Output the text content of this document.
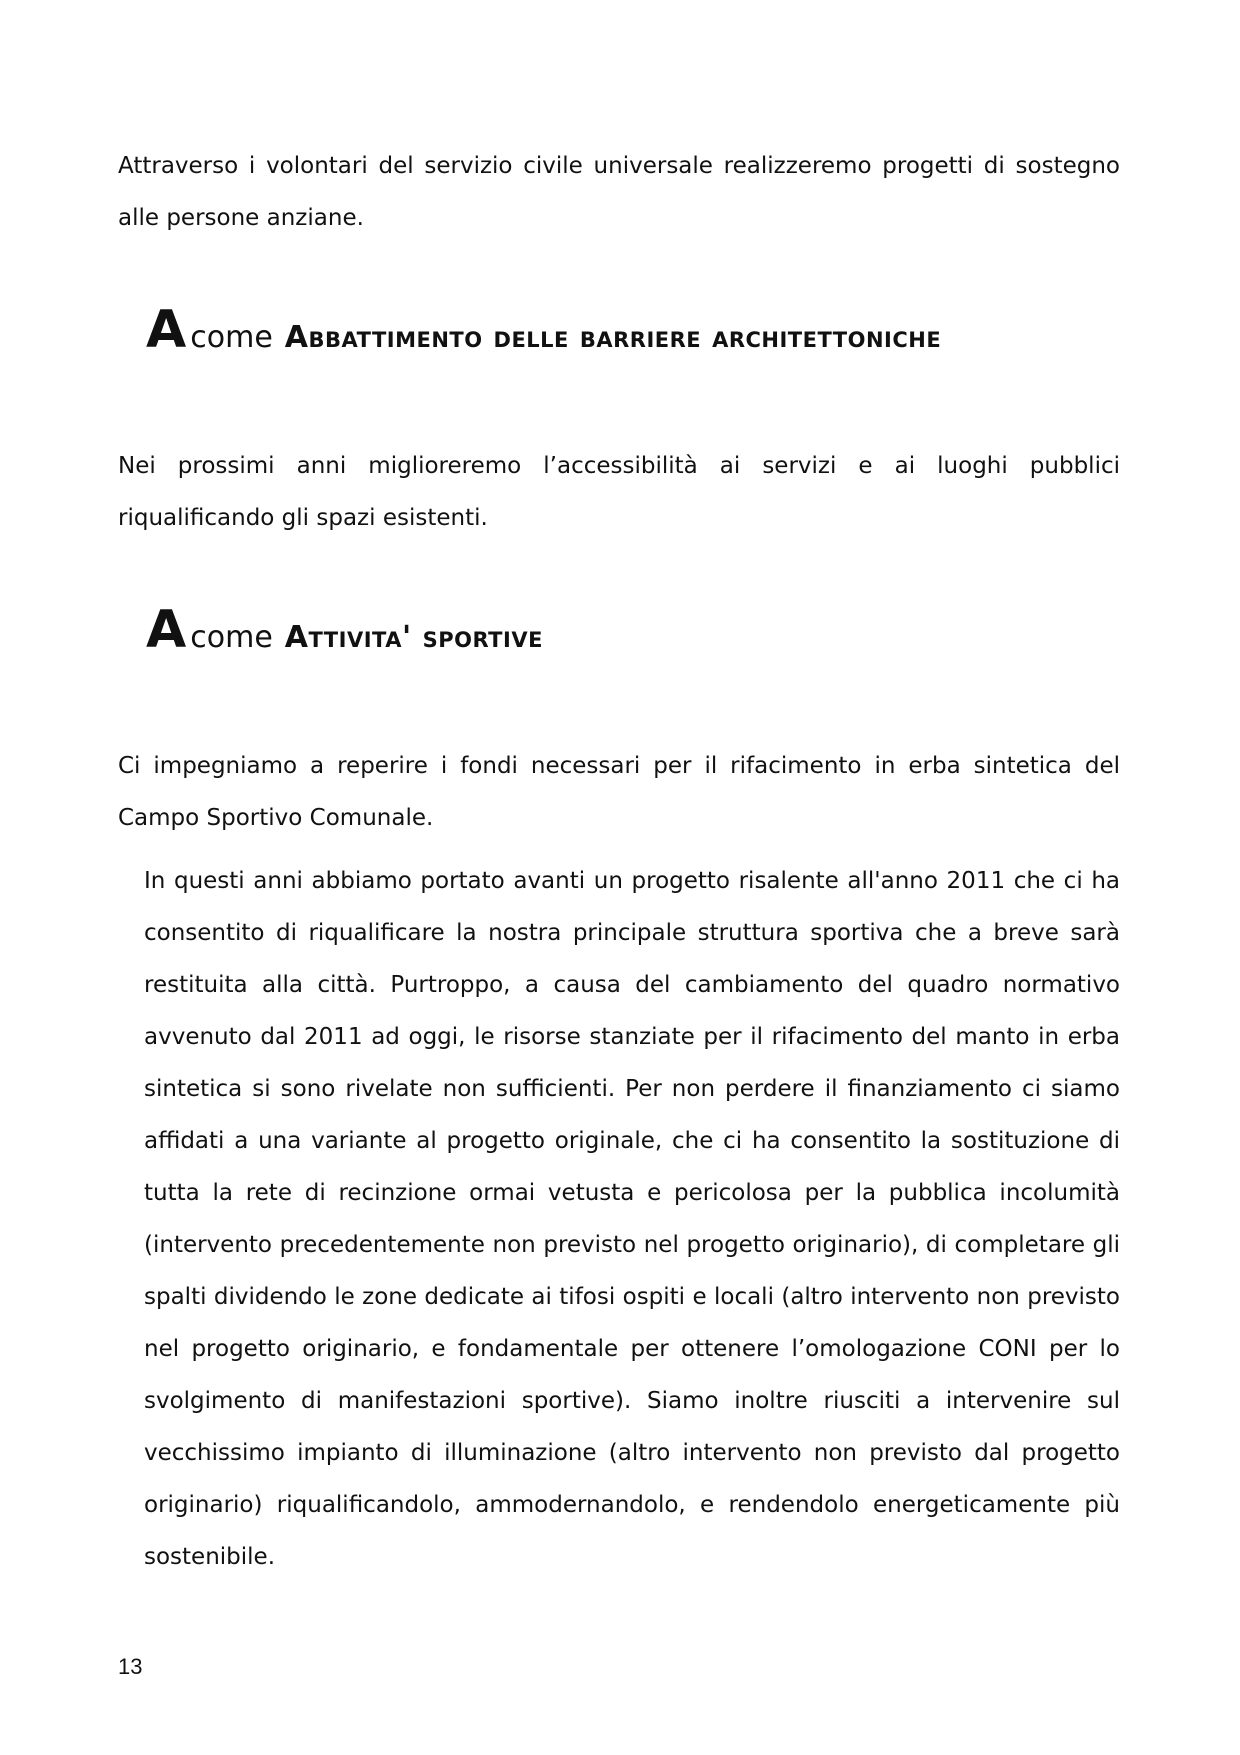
Attraverso i volontari del servizio civile universale realizzeremo progetti di sostegno alle persone anziane.

A come Abbattimento delle barriere architettoniche

Nei prossimi anni miglioreremo l’accessibilità ai servizi e ai luoghi pubblici riqualificando gli spazi esistenti.

A come Attivita' sportive

Ci impegniamo a reperire i fondi necessari per il rifacimento in erba sintetica del Campo Sportivo Comunale.

In questi anni abbiamo portato avanti un progetto risalente all'anno 2011 che ci ha consentito di riqualificare la nostra principale struttura sportiva che a breve sarà restituita alla città. Purtroppo, a causa del cambiamento del quadro normativo avvenuto dal 2011 ad oggi, le risorse stanziate per il rifacimento del manto in erba sintetica si sono rivelate non sufficienti. Per non perdere il finanziamento ci siamo affidati a una variante al progetto originale, che ci ha consentito la sostituzione di tutta la rete di recinzione ormai vetusta e pericolosa per la pubblica incolumità (intervento precedentemente non previsto nel progetto originario), di completare gli spalti dividendo le zone dedicate ai tifosi ospiti e locali (altro intervento non previsto nel progetto originario, e fondamentale per ottenere l’omologazione CONI per lo svolgimento di manifestazioni sportive). Siamo inoltre riusciti a intervenire sul vecchissimo impianto di illuminazione (altro intervento non previsto dal progetto originario) riqualificandolo, ammodernandolo, e rendendolo energeticamente più sostenibile.

13
